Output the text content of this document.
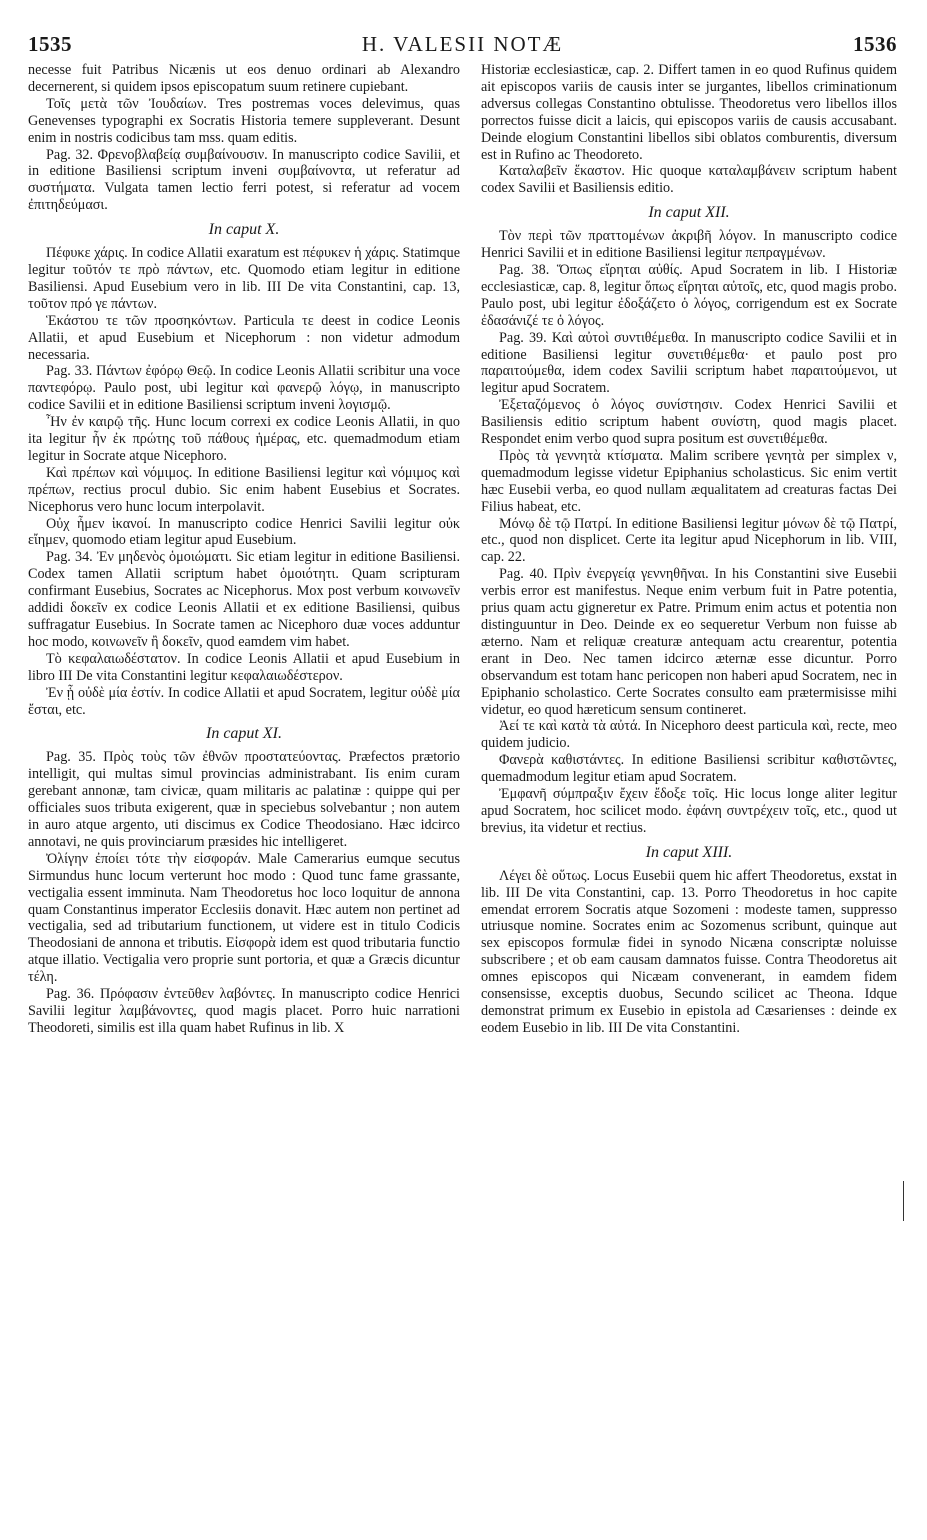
1535	H. VALESII NOTÆ	1536

necesse fuit Patribus Nicænis ut eos denuo ordinari ab Alexandro decernerent, si quidem ipsos episcopatum suum retinere cupiebant.

Τοῖς μετὰ τῶν Ἰουδαίων. Tres postremas voces delevimus, quas Genevenses typographi ex Socratis Historia temere suppleverant. Desunt enim in nostris codicibus tam mss. quam editis.

Pag. 32. Φρενοβλαβείᾳ συμβαίνουσιν. In manuscripto codice Savilii, et in editione Basiliensi scriptum inveni συμβαίνοντα, ut referatur ad συστήματα. Vulgata tamen lectio ferri potest, si referatur ad vocem ἐπιτηδεύμασι.

In caput X.

Πέφυκε χάρις. In codice Allatii exaratum est πέφυκεν ἡ χάρις. Statimque legitur τοῦτόν τε πρὸ πάντων, etc. Quomodo etiam legitur in editione Basiliensi. Apud Eusebium vero in lib. III De vita Constantini, cap. 13, τοῦτον πρό γε πάντων.

Ἑκάστου τε τῶν προσηκόντων. Particula τε deest in codice Leonis Allatii, et apud Eusebium et Nicephorum : non videtur admodum necessaria.

Pag. 33. Πάντων ἐφόρῳ Θεῷ. In codice Leonis Allatii scribitur una voce παντεφόρῳ. Paulo post, ubi legitur καὶ φανερῷ λόγῳ, in manuscripto codice Savilii et in editione Basiliensi scriptum inveni λογισμῷ.

Ἦν ἐν καιρῷ τῆς. Hunc locum correxi ex codice Leonis Allatii, in quo ita legitur ἦν ἐκ πρώτης τοῦ πάθους ἡμέρας, etc. quemadmodum etiam legitur in Socrate atque Nicephoro.

Καὶ πρέπων καὶ νόμιμος. In editione Basiliensi legitur καὶ νόμιμος καὶ πρέπων, rectius procul dubio. Sic enim habent Eusebius et Socrates. Nicephorus vero hunc locum interpolavit.

Οὐχ ἦμεν ἱκανοί. In manuscripto codice Henrici Savilii legitur οὐκ εἴημεν, quomodo etiam legitur apud Eusebium.

Pag. 34. Ἐν μηδενὸς ὁμοιώματι. Sic etiam legitur in editione Basiliensi. Codex tamen Allatii scriptum habet ὁμοιότητι. Quam scripturam confirmant Eusebius, Socrates ac Nicephorus. Mox post verbum κοινωνεῖν addidi δοκεῖν ex codice Leonis Allatii et ex editione Basiliensi, quibus suffragatur Eusebius. In Socrate tamen ac Nicephoro duæ voces adduntur hoc modo, κοινωνεῖν ἢ δοκεῖν, quod eamdem vim habet.

Τὸ κεφαλαιωδέστατον. In codice Leonis Allatii et apud Eusebium in libro III De vita Constantini legitur κεφαλαιωδέστερον.

Ἐν ᾗ οὐδὲ μία ἐστίν. In codice Allatii et apud Socratem, legitur οὐδὲ μία ἔσται, etc.

In caput XI.

Pag. 35. Πρὸς τοὺς τῶν ἐθνῶν προστατεύοντας. Præfectos prætorio intelligit, qui multas simul provincias administrabant. Iis enim curam gerebant annonæ, tam civicæ, quam militaris ac palatinæ : quippe qui per officiales suos tributa exigerent, quæ in speciebus solvebantur ; non autem in auro atque argento, uti discimus ex Codice Theodosiano. Hæc idcirco annotavi, ne quis provinciarum præsides hic intelligeret.

Ὀλίγην ἐποίει τότε τὴν εἰσφοράν. Male Camerarius eumque secutus Sirmundus hunc locum verterunt hoc modo : Quod tunc fame grassante, vectigalia essent imminuta. Nam Theodoretus hoc loco loquitur de annona quam Constantinus imperator Ecclesiis donavit. Hæc autem non pertinet ad vectigalia, sed ad tributarium functionem, ut videre est in titulo Codicis Theodosiani de annona et tributis. Εἰσφορὰ idem est quod tributaria functio atque illatio. Vectigalia vero proprie sunt portoria, et quæ a Græcis dicuntur τέλη.

Pag. 36. Πρόφασιν ἐντεῦθεν λαβόντες. In manuscripto codice Henrici Savilii legitur λαμβάνοντες, quod magis placet. Porro huic narrationi Theodoreti, similis est illa quam habet Rufinus in lib. X

Historiæ ecclesiasticæ, cap. 2. Differt tamen in eo quod Rufinus quidem ait episcopos variis de causis inter se jurgantes, libellos criminationum adversus collegas Constantino obtulisse. Theodoretus vero libellos illos porrectos fuisse dicit a laicis, qui episcopos variis de causis accusabant. Deinde elogium Constantini libellos sibi oblatos comburentis, diversum est in Rufino ac Theodoreto.

Καταλαβεῖν ἕκαστον. Hic quoque καταλαμβάνειν scriptum habent codex Savilii et Basiliensis editio.

In caput XII.

Τὸν περὶ τῶν πραττομένων ἀκριβῆ λόγον. In manuscripto codice Henrici Savilii et in editione Basiliensi legitur πεπραγμένων.

Pag. 38. Ὅπως εἴρηται αὐθίς. Apud Socratem in lib. I Historiæ ecclesiasticæ, cap. 8, legitur ὅπως εἴρηται αὐτοῖς, etc, quod magis probo. Paulo post, ubi legitur ἐδοξάζετο ὁ λόγος, corrigendum est ex Socrate ἐδασάνιζέ τε ὁ λόγος.

Pag. 39. Καὶ αὐτοὶ συντιθέμεθα. In manuscripto codice Savilii et in editione Basiliensi legitur συνετιθέμεθα· et paulo post pro παραιτούμεθα, idem codex Savilii scriptum habet παραιτούμενοι, ut legitur apud Socratem.

Ἐξεταζόμενος ὁ λόγος συνίστησιν. Codex Henrici Savilii et Basiliensis editio scriptum habent συνίστη, quod magis placet. Respondet enim verbo quod supra positum est συνετιθέμεθα.

Πρὸς τὰ γεννητὰ κτίσματα. Malim scribere γενητὰ per simplex ν, quemadmodum legisse videtur Epiphanius scholasticus. Sic enim vertit hæc Eusebii verba, eo quod nullam æqualitatem ad creaturas factas Dei Filius habeat, etc.

Μόνῳ δὲ τῷ Πατρί. In editione Basiliensi legitur μόνων δὲ τῷ Πατρί, etc., quod non displicet. Certe ita legitur apud Nicephorum in lib. VIII, cap. 22.

Pag. 40. Πρὶν ἐνεργείᾳ γεννηθῆναι. In his Constantini sive Eusebii verbis error est manifestus. Neque enim verbum fuit in Patre potentia, prius quam actu gigneretur ex Patre. Primum enim actus et potentia non distinguuntur in Deo. Deinde ex eo sequeretur Verbum non fuisse ab æterno. Nam et reliquæ creaturæ antequam actu crearentur, potentia erant in Deo. Nec tamen idcirco æternæ esse dicuntur. Porro observandum est totam hanc pericopen non haberi apud Socratem, nec in Epiphanio scholastico. Certe Socrates consulto eam prætermisisse mihi videtur, eo quod hæreticum sensum contineret.

Ἀεί τε καὶ κατὰ τὰ αὐτά. In Nicephoro deest particula καὶ, recte, meo quidem judicio.

Φανερὰ καθιστάντες. In editione Basiliensi scribitur καθιστῶντες, quemadmodum legitur etiam apud Socratem.

Ἐμφανῆ σύμπραξιν ἔχειν ἔδοξε τοῖς. Hic locus longe aliter legitur apud Socratem, hoc scilicet modo. ἐφάνη συντρέχειν τοῖς, etc., quod ut brevius, ita videtur et rectius.

In caput XIII.

Λέγει δὲ οὕτως. Locus Eusebii quem hic affert Theodoretus, exstat in lib. III De vita Constantini, cap. 13. Porro Theodoretus in hoc capite emendat errorem Socratis atque Sozomeni : modeste tamen, suppresso utriusque nomine. Socrates enim ac Sozomenus scribunt, quinque aut sex episcopos formulæ fidei in synodo Nicæna conscriptæ noluisse subscribere ; et ob eam causam damnatos fuisse. Contra Theodoretus ait omnes episcopos qui Nicæam convenerant, in eamdem fidem consensisse, exceptis duobus, Secundo scilicet ac Theona. Idque demonstrat primum ex Eusebio in epistola ad Cæsarienses : deinde ex eodem Eusebio in lib. III De vita Constantini.
